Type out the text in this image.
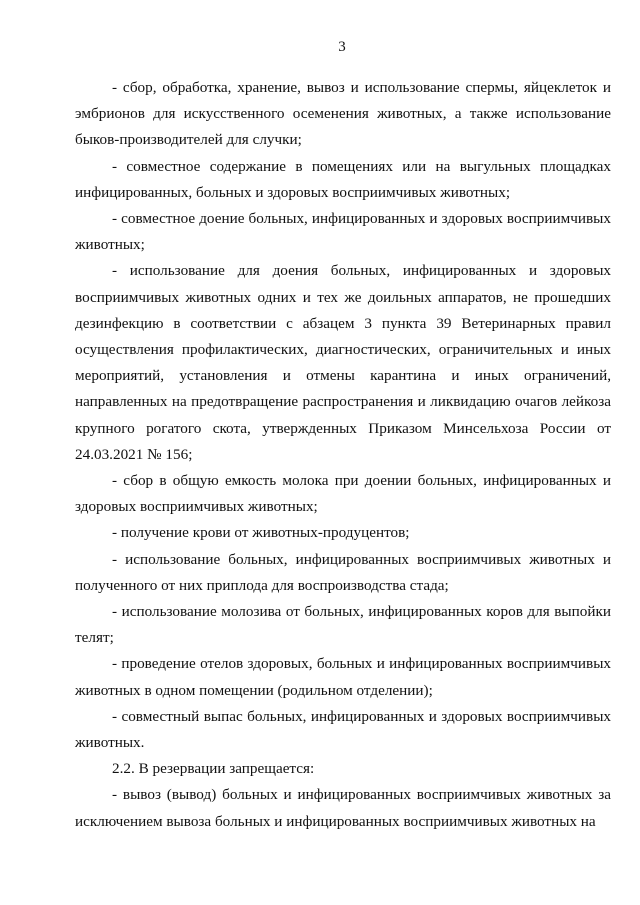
3

- сбор, обработка, хранение, вывоз и использование спермы, яйцеклеток и эмбрионов для искусственного осеменения животных, а также использование быков-производителей для случки;

- совместное содержание в помещениях или на выгульных площадках инфицированных, больных и здоровых восприимчивых животных;

- совместное доение больных, инфицированных и здоровых восприимчивых животных;

- использование для доения больных, инфицированных и здоровых восприимчивых животных одних и тех же доильных аппаратов, не прошедших дезинфекцию в соответствии с абзацем 3 пункта 39 Ветеринарных правил осуществления профилактических, диагностических, ограничительных и иных мероприятий, установления и отмены карантина и иных ограничений, направленных на предотвращение распространения и ликвидацию очагов лейкоза крупного рогатого скота, утвержденных Приказом Минсельхоза России от 24.03.2021 № 156;

- сбор в общую емкость молока при доении больных, инфицированных и здоровых восприимчивых животных;

- получение крови от животных-продуцентов;

- использование больных, инфицированных восприимчивых животных и полученного от них приплода для воспроизводства стада;

- использование молозива от больных, инфицированных коров для выпойки телят;

- проведение отелов здоровых, больных и инфицированных восприимчивых животных в одном помещении (родильном отделении);

- совместный выпас больных, инфицированных и здоровых восприимчивых животных.

2.2. В резервации запрещается:

- вывоз (вывод) больных и инфицированных восприимчивых животных за исключением вывоза больных и инфицированных восприимчивых животных на
